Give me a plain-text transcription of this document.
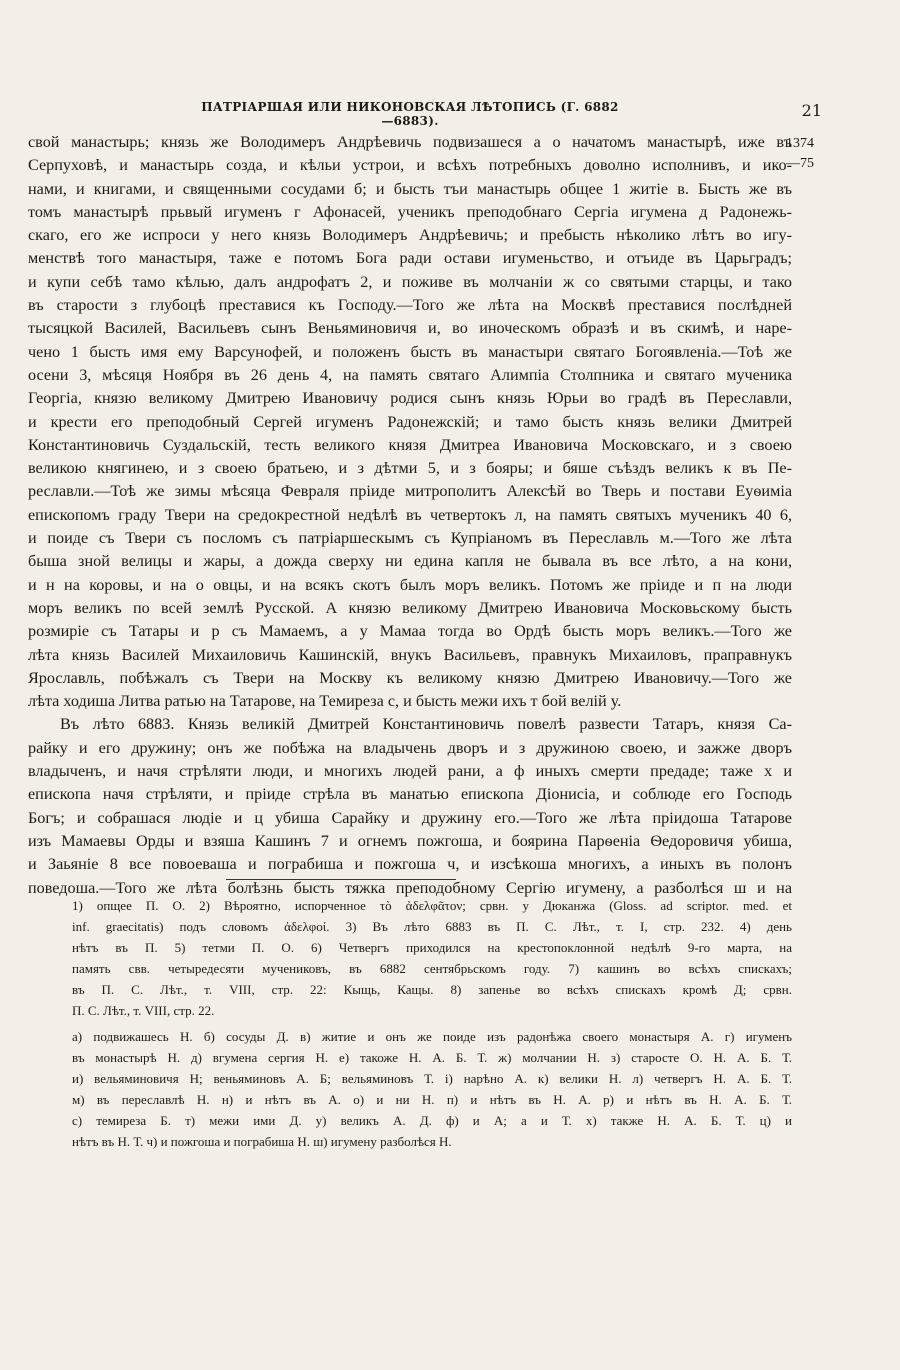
ПАТРІАРШАЯ ИЛИ НИКОНОВСКАЯ ЛѢТОПИСЬ (Г. 6882—6883).
21
1374
—75
свой манастырь; князь же Володимеръ Андрѣевичь подвизашеся а о начатомъ манастырѣ, иже въ
Серпуховѣ, и манастырь созда, и кѣльи устрои, и всѣхъ потребныхъ доволно исполнивъ, и ико-
нами, и книгами, и священными сосудами б; и бысть тъи манастырь общее 1 житіе в. Бысть же въ
томъ манастырѣ прьвый игуменъ г Афонасей, ученикъ преподобнаго Сергіа игумена д Радонежь-
скаго, его же испроси у него князь Володимеръ Андрѣевичь; и пребысть нѣколико лѣтъ во игу-
менствѣ того манастыря, таже е потомъ Бога ради остави игуменьство, и отъиде въ Царьградъ;
и купи себѣ тамо кѣлью, далъ андрофатъ 2, и поживе въ молчаніи ж со святыми старцы, и тако
въ старости з глубоцѣ преставися къ Господу.—Того же лѣта на Москвѣ преставися послѣдней
тысяцкой Василей, Васильевъ сынъ Веньяминовичя и, во иноческомъ образѣ и въ скимѣ, и наре-
чено 1 бысть имя ему Варсунофей, и положенъ бысть въ манастыри святаго Богоявленіа.—Тоѣ же
осени 3, мѣсяця Ноября въ 26 день 4, на память святаго Алимпіа Столпника и святаго мученика
Георгіа, князю великому Дмитрею Ивановичу родися сынъ князь Юрьи во градѣ въ Переславли,
и крести его преподобный Сергей игуменъ Радонежскій; и тамо бысть князь велики Дмитрей
Константиновичь Суздальскій, тесть великого князя Дмитреа Ивановича Московскаго, и з своею
великою княгинею, и з своею братьею, и з дѣтми 5, и з бояры; и бяше съѣздъ великъ к въ Пе-
реславли.—Тоѣ же зимы мѣсяца Февраля пріиде митрополитъ Алексѣй во Тверь и постави Еуѳиміа
епископомъ граду Твери на средокрестной недѣлѣ въ четвертокъ л, на память святыхъ мученикъ 40 6,
и поиде съ Твери съ посломъ съ патріаршескымъ съ Купріаномъ въ Переславль м.—Того же лѣта
быша зной велицы и жары, а дожда сверху ни едина капля не бывала въ все лѣто, а на кони,
и н на коровы, и на о овцы, и на всякъ скотъ былъ моръ великъ. Потомъ же пріиде и п на люди
моръ великъ по всей землѣ Русской. А князю великому Дмитрею Ивановича Московьскому бысть
розмиріе съ Татары и р съ Мамаемъ, а у Мамаа тогда во Ордѣ бысть моръ великъ.—Того же
лѣта князь Василей Михаиловичь Кашинскій, внукъ Васильевъ, правнукъ Михаиловъ, праправнукъ
Ярославль, побѣжалъ съ Твери на Москву къ великому князю Дмитрею Ивановичу.—Того же
лѣта ходиша Литва ратью на Татарове, на Темиреза с, и бысть межи ихъ т бой велій у.
Въ лѣто 6883. Князь великій Дмитрей Константиновичь повелѣ развести Татаръ, князя Са-
райку и его дружину; онъ же побѣжа на владычень дворъ и з дружиною своею, и зажже дворъ
владыченъ, и начя стрѣляти люди, и многихъ людей рани, а ф иныхъ смерти предаде; таже х и
епископа начя стрѣляти, и пріиде стрѣла въ манатью епископа Діонисіа, и соблюде его Господь
Богъ; и собрашася людіе и ц убиша Сарайку и дружину его.—Того же лѣта пріидоша Татарове
изъ Мамаевы Орды и взяша Кашинъ 7 и огнемъ пожгоша, и боярина Парѳеніа Ѳедоровичя убиша,
и Заьяніе 8 все повоеваша и пограбиша и пожгоша ч, и изсѣкоша многихъ, а иныхъ въ полонъ
поведоша.—Того же лѣта болѣзнь бысть тяжка преподобному Сергію игумену, а разболѣся ш и на
1) опщее П. О. 2) Вѣроятно, испорченное τὸ ἀδελφᾶτον; срвн. у Дюканжа (Gloss. ad scriptor. med. et
inf. graecitatis) подъ словомъ ἀδελφοί. 3) Въ лѣто 6883 въ П. С. Лѣт., т. I, стр. 232. 4) день
нѣтъ въ П. 5) тетми П. О. 6) Четвергъ приходился на крестопоклонной недѣлѣ 9-го марта, на
память свв. четыредесяти мучениковъ, въ 6882 сентябрьскомъ году. 7) кашинъ во всѣхъ спискахъ;
въ П. С. Лѣт., т. VIII, стр. 22: Кыщь, Кащы. 8) запенье во всѣхъ спискахъ кромѣ Д; срвн.
П. С. Лѣт., т. VIII, стр. 22.
а) подвижашесь Н. б) сосуды Д. в) житие и онъ же поиде изъ радонѣжа своего монастыря А. г) игуменъ
въ монастырѣ Н. д) вгумена сергия Н. е) такоже Н. А. Б. Т. ж) молчании Н. з) старосте О. Н. А. Б. Т.
и) вельяминовичя Н; веньяминовъ А. Б; вельяминовъ Т. і) нарѣно А. к) велики Н. л) четвергъ Н. А. Б. Т.
м) въ переславлѣ Н. н) и нѣтъ въ А. о) и ни Н. п) и нѣтъ въ Н. А. р) и нѣтъ въ Н. А. Б. Т.
с) темиреза Б. т) межи ими Д. у) великъ А. Д. ф) и А; а и Т. х) также Н. А. Б. Т. ц) и
нѣтъ въ Н. Т. ч) и пожгоша и пограбиша Н. ш) игумену разболѣся Н.
